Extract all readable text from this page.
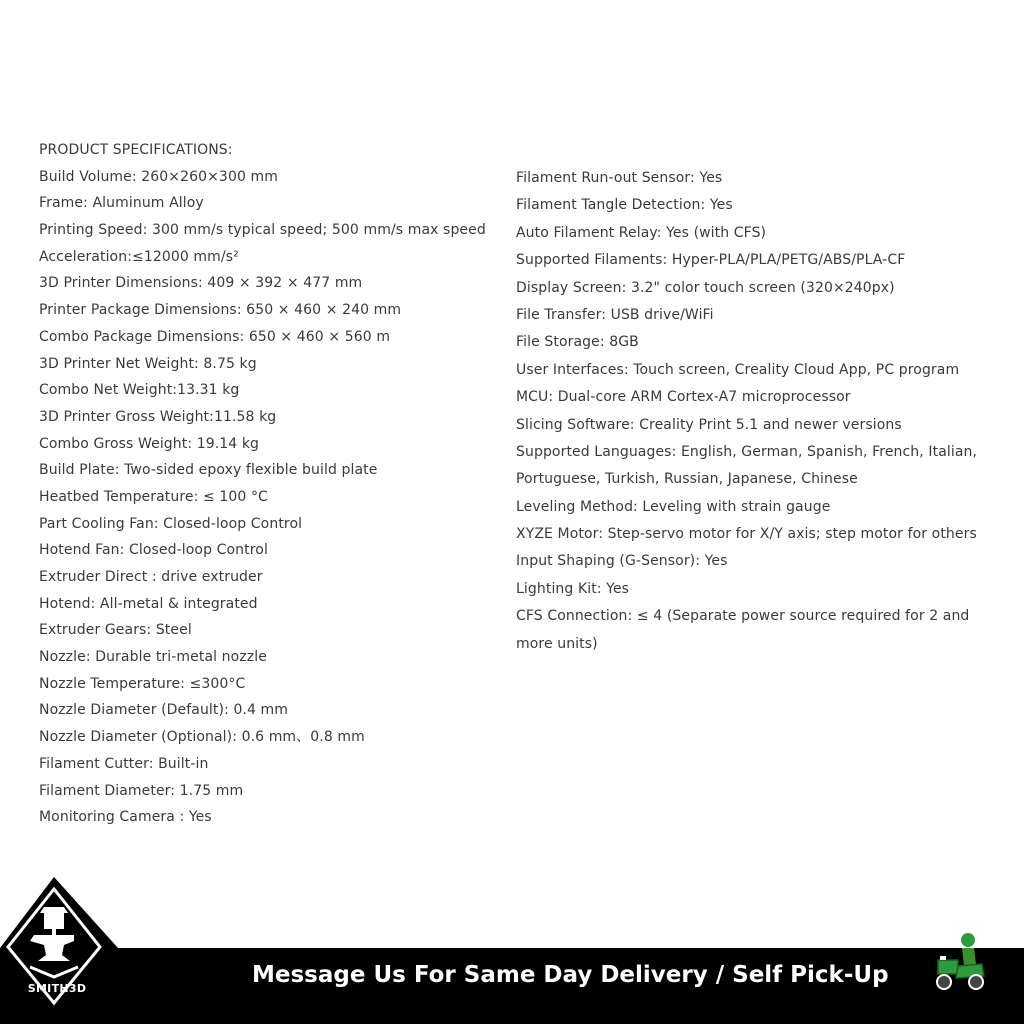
PRODUCT SPECIFICATIONS:
Build Volume: 260×260×300 mm
Frame: Aluminum Alloy
Printing Speed: 300 mm/s typical speed; 500 mm/s max speed
Acceleration:≤12000 mm/s²
3D Printer Dimensions: 409 × 392 × 477 mm
Printer Package Dimensions: 650 × 460 × 240 mm
Combo Package Dimensions: 650 × 460 × 560 m
3D Printer Net Weight: 8.75 kg
Combo Net Weight:13.31 kg
3D Printer Gross Weight:11.58 kg
Combo Gross Weight: 19.14 kg
Build Plate: Two-sided epoxy flexible build plate
Heatbed Temperature: ≤ 100 °C
Part Cooling Fan: Closed-loop Control
Hotend Fan: Closed-loop Control
Extruder Direct : drive extruder
Hotend: All-metal & integrated
Extruder Gears: Steel
Nozzle: Durable tri-metal nozzle
Nozzle Temperature: ≤300°C
Nozzle Diameter (Default): 0.4 mm
Nozzle Diameter (Optional): 0.6 mm、0.8 mm
Filament Cutter: Built-in
Filament Diameter: 1.75 mm
Monitoring Camera : Yes
Filament Run-out Sensor: Yes
Filament Tangle Detection: Yes
Auto Filament Relay: Yes (with CFS)
Supported Filaments: Hyper-PLA/PLA/PETG/ABS/PLA-CF
Display Screen: 3.2" color touch screen (320×240px)
File Transfer: USB drive/WiFi
File Storage: 8GB
User Interfaces: Touch screen, Creality Cloud App, PC program
MCU: Dual-core ARM Cortex-A7 microprocessor
Slicing Software: Creality Print 5.1 and newer versions
Supported Languages: English, German, Spanish, French, Italian,
Portuguese, Turkish, Russian, Japanese, Chinese
Leveling Method: Leveling with strain gauge
XYZE Motor: Step-servo motor for X/Y axis; step motor for others
Input Shaping (G-Sensor): Yes
Lighting Kit: Yes
CFS Connection: ≤ 4 (Separate power source required for 2 and
more units)
SMITH3D
Message Us For Same Day Delivery / Self Pick-Up
